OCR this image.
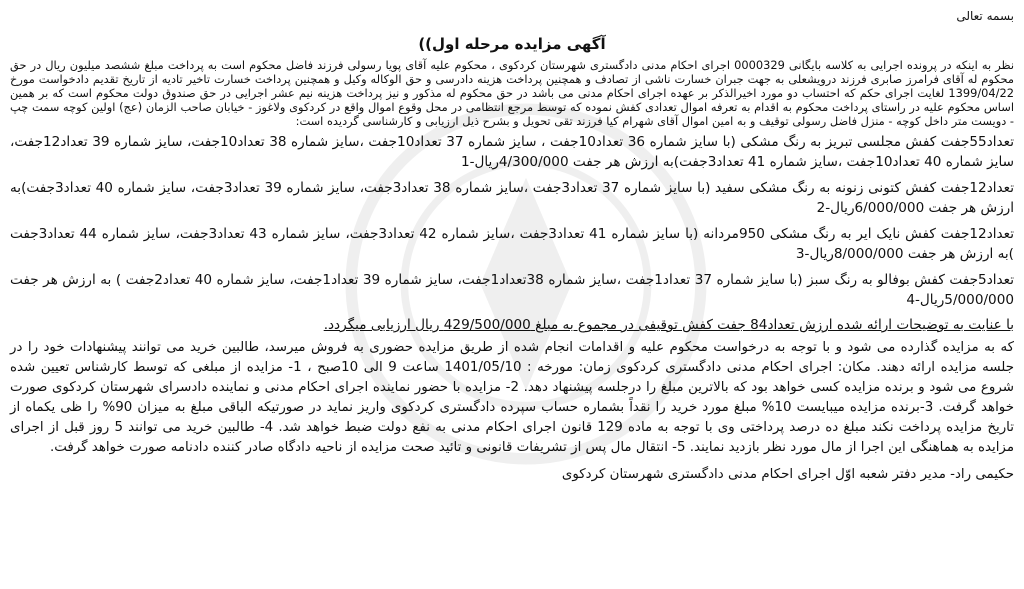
بسمه تعالی
آگهی مزایده مرحله اول))
نظر به اینکه در پرونده اجرایی به کلاسه بایگانی 0000329 اجرای احکام مدنی دادگستری شهرستان کردکوی ، محکوم علیه آقای پویا رسولی فرزند فاضل محکوم است به پرداخت مبلغ ششصد میلیون ریال در حق محکوم له آقای فرامرز صابری فرزند درویشعلی به جهت جبران خسارت ناشی از تصادف و همچنین پرداخت هزینه دادرسی و حق الوکاله وکیل و همچنین پرداخت خسارت تاخیر تادیه از تاریخ تقدیم دادخواست مورخ 1399/04/22 لغایت اجرای حکم که احتساب دو مورد اخیرالذکر بر عهده اجرای احکام مدنی می باشد در حق محکوم له مذکور و نیز پرداخت هزینه نیم عشر اجرایی در حق صندوق دولت محکوم است که بر همین اساس محکوم علیه در راستای پرداخت محکوم به اقدام به تعرفه اموال تعدادی کفش نموده که توسط مرجع انتظامی در محل وقوع اموال واقع در کردکوی ولاغوز - خیابان صاحب الزمان (عج) اولین کوچه سمت چپ - دویست متر داخل کوچه - منزل فاضل رسولی توقیف و به امین اموال آقای شهرام کیا فرزند تقی تحویل و بشرح ذیل ارزیابی و کارشناسی گردیده است:
تعداد55جفت کفش مجلسی تبریز به رنگ مشکی (با سایز شماره 36 تعداد10جفت ، سایز شماره 37 تعداد10جفت ،سایز شماره 38 تعداد10جفت، سایز شماره 39 تعداد12جفت، سایز شماره 40 تعداد10جفت ،سایز شماره 41 تعداد3جفت)به ارزش هر جفت 4/300/000ریال-1
تعداد12جفت کفش کتونی زنونه به رنگ مشکی سفید (با سایز شماره 37 تعداد3جفت ،سایز شماره 38 تعداد3جفت، سایز شماره 39 تعداد3جفت، سایز شماره 40 تعداد3جفت)به ارزش هر جفت 6/000/000ریال-2
تعداد12جفت کفش نایک ایر به رنگ مشکی 950مردانه (با سایز شماره 41 تعداد3جفت ،سایز شماره 42 تعداد3جفت، سایز شماره 43 تعداد3جفت، سایز شماره 44 تعداد3جفت )به ارزش هر جفت 8/000/000ریال-3
تعداد5جفت کفش بوفالو به رنگ سبز (با سایز شماره 37 تعداد1جفت ،سایز شماره 38تعداد1جفت، سایز شماره 39 تعداد1جفت، سایز شماره 40 تعداد2جفت ) به ارزش هر جفت 5/000/000ریال-4
با عنایت به توضیحات ارائه شده ارزش تعداد84 جفت کفش توقیفی در مجموع به مبلغ 429/500/000 ریال ارزیابی میگردد.
که به مزایده گذارده می شود و با توجه به درخواست محکوم علیه و اقدامات انجام شده از طریق مزایده حضوری به فروش میرسد، طالبین خرید می توانند پیشنهادات خود را در جلسه مزایده ارائه دهند. مکان: اجرای احکام مدنی دادگستری کردکوی زمان: مورخه : 1401/05/10 ساعت 9 الی 10صبح ، 1- مزایده از مبلغی که توسط کارشناس تعیین شده شروع می شود و برنده مزایده کسی خواهد بود که بالاترین مبلغ را درجلسه پیشنهاد دهد. 2- مزایده با حضور نماینده اجرای احکام مدنی و نماینده دادسرای شهرستان کردکوی صورت خواهد گرفت. 3-برنده مزایده میبایست 10% مبلغ مورد خرید را نقداً بشماره حساب سپرده دادگستری کردکوی واریز نماید در صورتیکه الباقی مبلغ به میزان 90% را ظی یکماه از تاریخ مزایده پرداخت نکند مبلغ ده درصد پرداختی وی با توجه به ماده 129 قانون اجرای احکام مدنی به نفع دولت ضبط خواهد شد. 4- طالبین خرید می توانند 5 روز قبل از اجرای مزایده به هماهنگی این اجرا از مال مورد نظر بازدید نمایند. 5- انتقال مال پس از تشریفات قانونی و تائید صحت مزایده از ناحیه دادگاه صادر کننده دادنامه صورت خواهد گرفت.
حکیمی راد- مدیر دفتر شعبه اوّل اجرای احکام مدنی دادگستری شهرستان کردکوی
